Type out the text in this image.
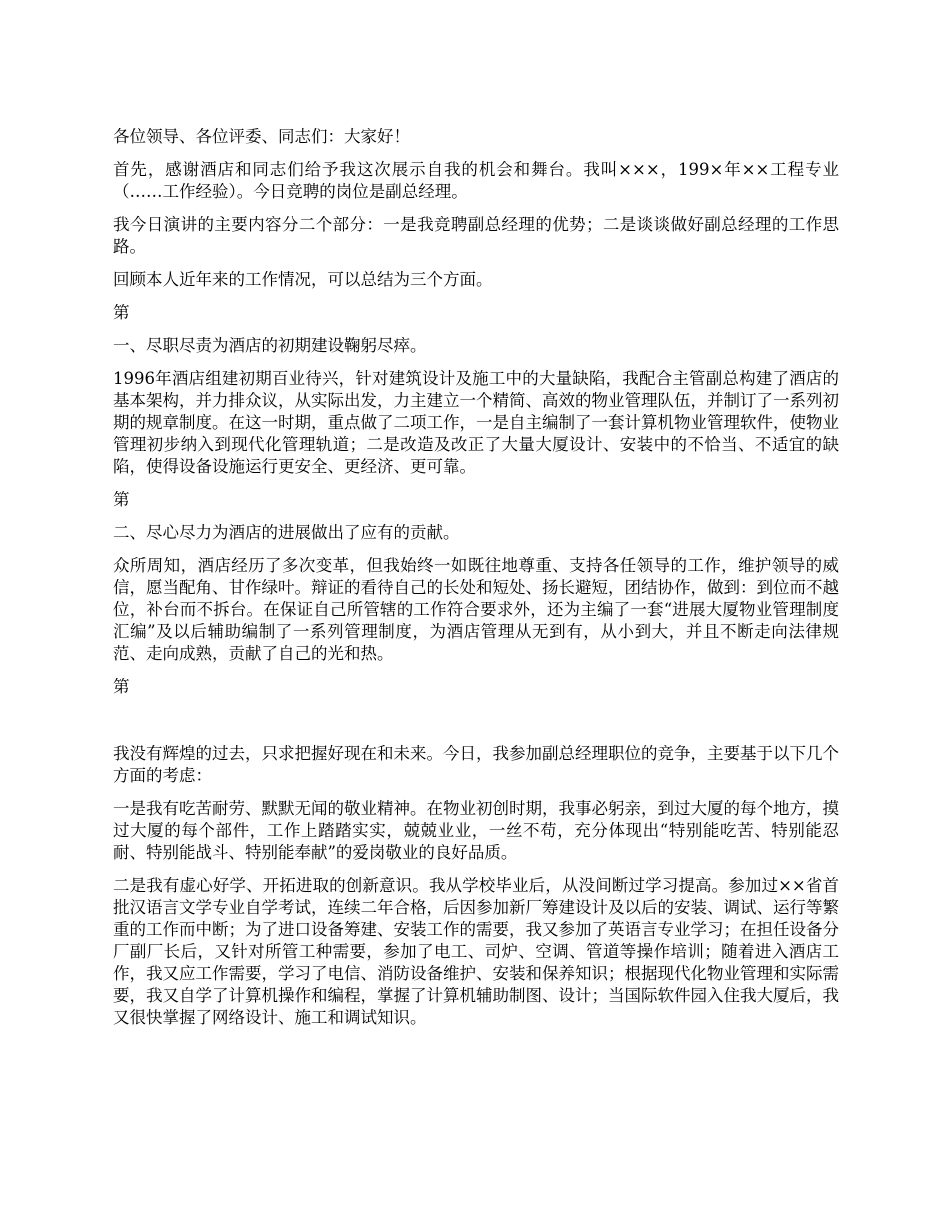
各位领导、各位评委、同志们：大家好！

首先，感谢酒店和同志们给予我这次展示自我的机会和舞台。我叫×××，199×年××工程专业（……工作经验）。今日竞聘的岗位是副总经理。

我今日演讲的主要内容分二个部分：一是我竞聘副总经理的优势；二是谈谈做好副总经理的工作思路。

回顾本人近年来的工作情况，可以总结为三个方面。

第

一、尽职尽责为酒店的初期建设鞠躬尽瘁。

1996年酒店组建初期百业待兴，针对建筑设计及施工中的大量缺陷，我配合主管副总构建了酒店的基本架构，并力排众议，从实际出发，力主建立一个精简、高效的物业管理队伍，并制订了一系列初期的规章制度。在这一时期，重点做了二项工作，一是自主编制了一套计算机物业管理软件，使物业管理初步纳入到现代化管理轨道；二是改造及改正了大量大厦设计、安装中的不恰当、不适宜的缺陷，使得设备设施运行更安全、更经济、更可靠。

第

二、尽心尽力为酒店的进展做出了应有的贡献。

众所周知，酒店经历了多次变革，但我始终一如既往地尊重、支持各任领导的工作，维护领导的威信，愿当配角、甘作绿叶。辩证的看待自己的长处和短处、扬长避短，团结协作，做到：到位而不越位，补台而不拆台。在保证自己所管辖的工作符合要求外，还为主编了一套“进展大厦物业管理制度汇编”及以后辅助编制了一系列管理制度，为酒店管理从无到有，从小到大，并且不断走向法律规范、走向成熟，贡献了自己的光和热。

第

我没有辉煌的过去，只求把握好现在和未来。今日，我参加副总经理职位的竞争，主要基于以下几个方面的考虑：

一是我有吃苦耐劳、默默无闻的敬业精神。在物业初创时期，我事必躬亲，到过大厦的每个地方，摸过大厦的每个部件，工作上踏踏实实，兢兢业业，一丝不苟，充分体现出“特别能吃苦、特别能忍耐、特别能战斗、特别能奉献”的爱岗敬业的良好品质。

二是我有虚心好学、开拓进取的创新意识。我从学校毕业后，从没间断过学习提高。参加过××省首批汉语言文学专业自学考试，连续二年合格，后因参加新厂筹建设计及以后的安装、调试、运行等繁重的工作而中断；为了进口设备筹建、安装工作的需要，我又参加了英语言专业学习；在担任设备分厂副厂长后，又针对所管工种需要，参加了电工、司炉、空调、管道等操作培训；随着进入酒店工作，我又应工作需要，学习了电信、消防设备维护、安装和保养知识；根据现代化物业管理和实际需要，我又自学了计算机操作和编程，掌握了计算机辅助制图、设计；当国际软件园入住我大厦后，我又很快掌握了网络设计、施工和调试知识。
